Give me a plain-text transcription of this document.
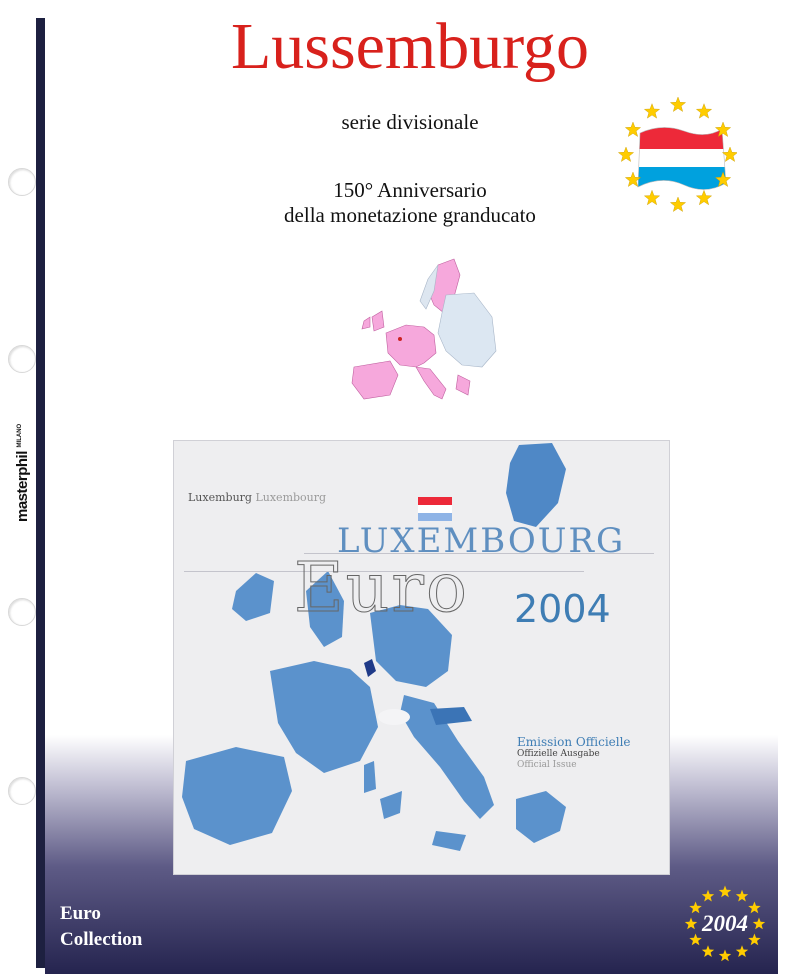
masterphil $^{MILANO}$
Lussemburgo
serie divisionale
150° Anniversario
della monetazione granducato
Luxemburg Luxembourg
LUXEMBOURG
Euro 2004
Emission Officielle
Offizielle Ausgabe
Official Issue
Euro
Collection
2004
